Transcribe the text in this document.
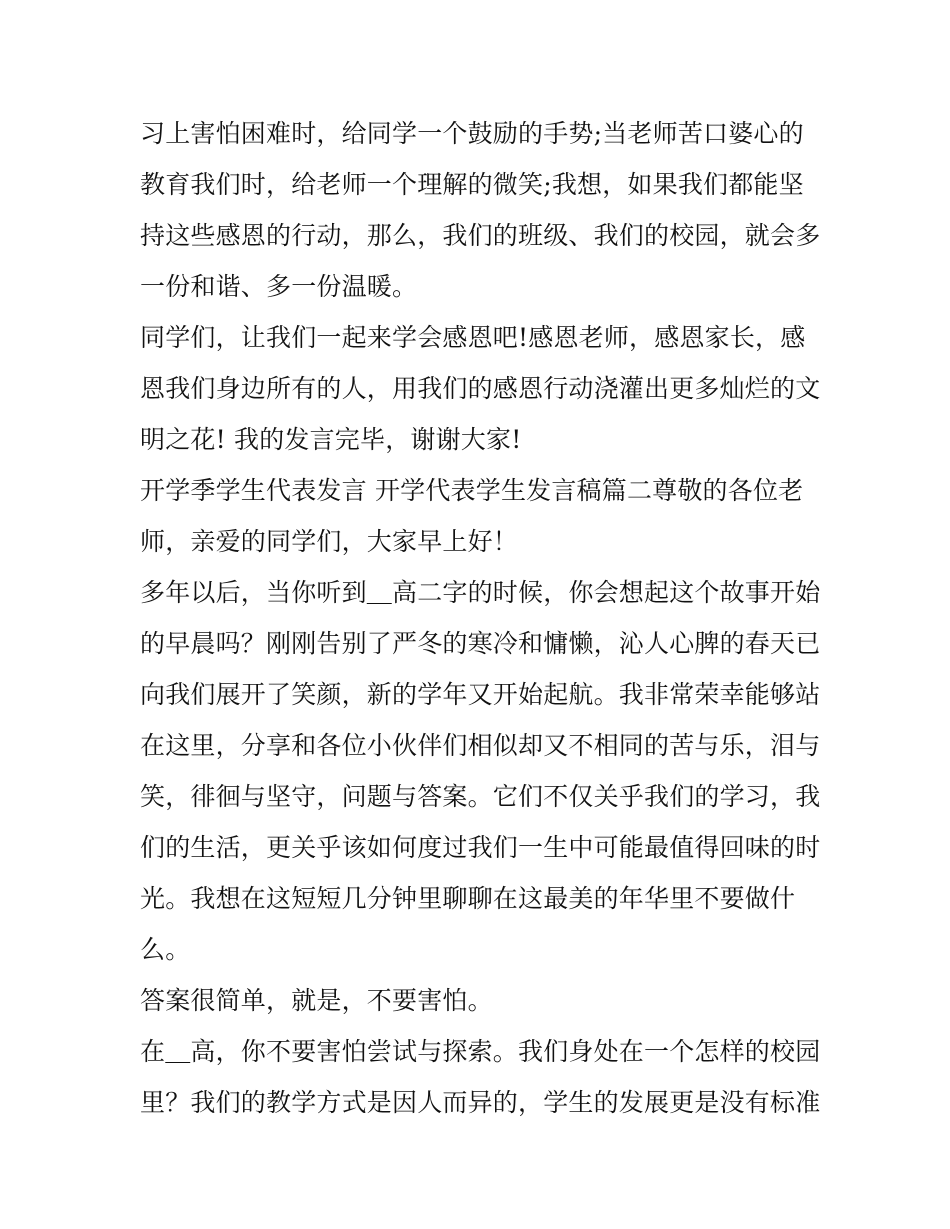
习上害怕困难时，给同学一个鼓励的手势;当老师苦口婆心的
教育我们时，给老师一个理解的微笑;我想，如果我们都能坚
持这些感恩的行动，那么，我们的班级、我们的校园，就会多
一份和谐、多一份温暖。

同学们，让我们一起来学会感恩吧!感恩老师，感恩家长，感
恩我们身边所有的人，用我们的感恩行动浇灌出更多灿烂的文
明之花! 我的发言完毕，谢谢大家!

开学季学生代表发言 开学代表学生发言稿篇二尊敬的各位老
师，亲爱的同学们，大家早上好！

多年以后，当你听到＿高二字的时候，你会想起这个故事开始
的早晨吗？刚刚告别了严冬的寒冷和慵懒，沁人心脾的春天已
向我们展开了笑颜，新的学年又开始起航。我非常荣幸能够站
在这里，分享和各位小伙伴们相似却又不相同的苦与乐，泪与
笑，徘徊与坚守，问题与答案。它们不仅关乎我们的学习，我
们的生活，更关乎该如何度过我们一生中可能最值得回味的时
光。我想在这短短几分钟里聊聊在这最美的年华里不要做什
么。

答案很简单，就是，不要害怕。

在＿高，你不要害怕尝试与探索。我们身处在一个怎样的校园
里？我们的教学方式是因人而异的，学生的发展更是没有标准
